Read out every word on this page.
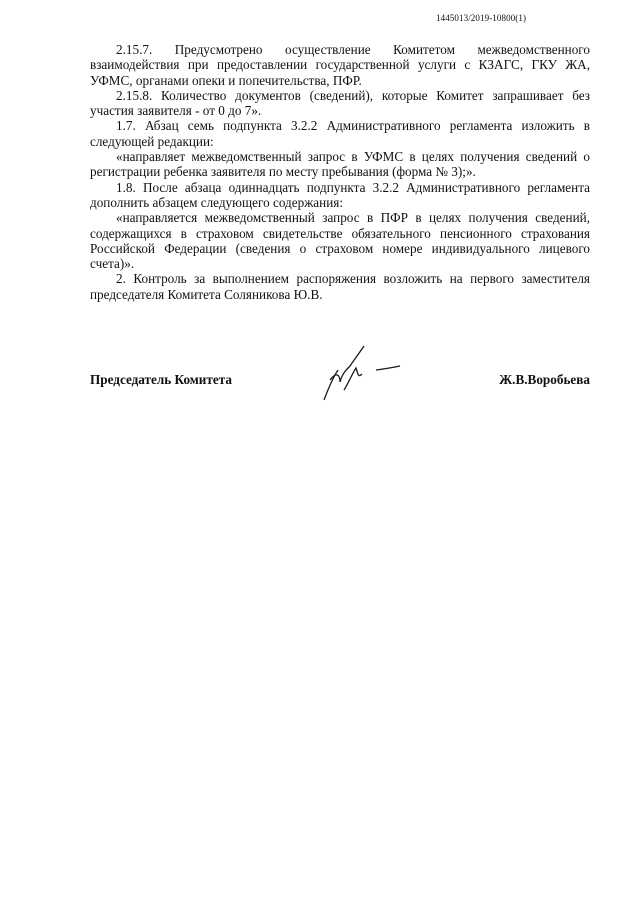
1445013/2019-10800(1)

2.15.7. Предусмотрено осуществление Комитетом межведомственного взаимодействия при предоставлении государственной услуги с КЗАГС, ГКУ ЖА, УФМС, органами опеки и попечительства, ПФР.

2.15.8. Количество документов (сведений), которые Комитет запрашивает без участия заявителя - от 0 до 7».

1.7. Абзац семь подпункта 3.2.2 Административного регламента изложить в следующей редакции:

«направляет межведомственный запрос в УФМС в целях получения сведений о регистрации ребенка заявителя по месту пребывания (форма № 3);».

1.8. После абзаца одиннадцать подпункта 3.2.2 Административного регламента дополнить абзацем следующего содержания:

«направляется межведомственный запрос в ПФР в целях получения сведений, содержащихся в страховом свидетельстве обязательного пенсионного страхования Российской Федерации (сведения о страховом номере индивидуального лицевого счета)».

2. Контроль за выполнением распоряжения возложить на первого заместителя председателя Комитета Соляникова Ю.В.

Председатель Комитета	Ж.В.Воробьева
